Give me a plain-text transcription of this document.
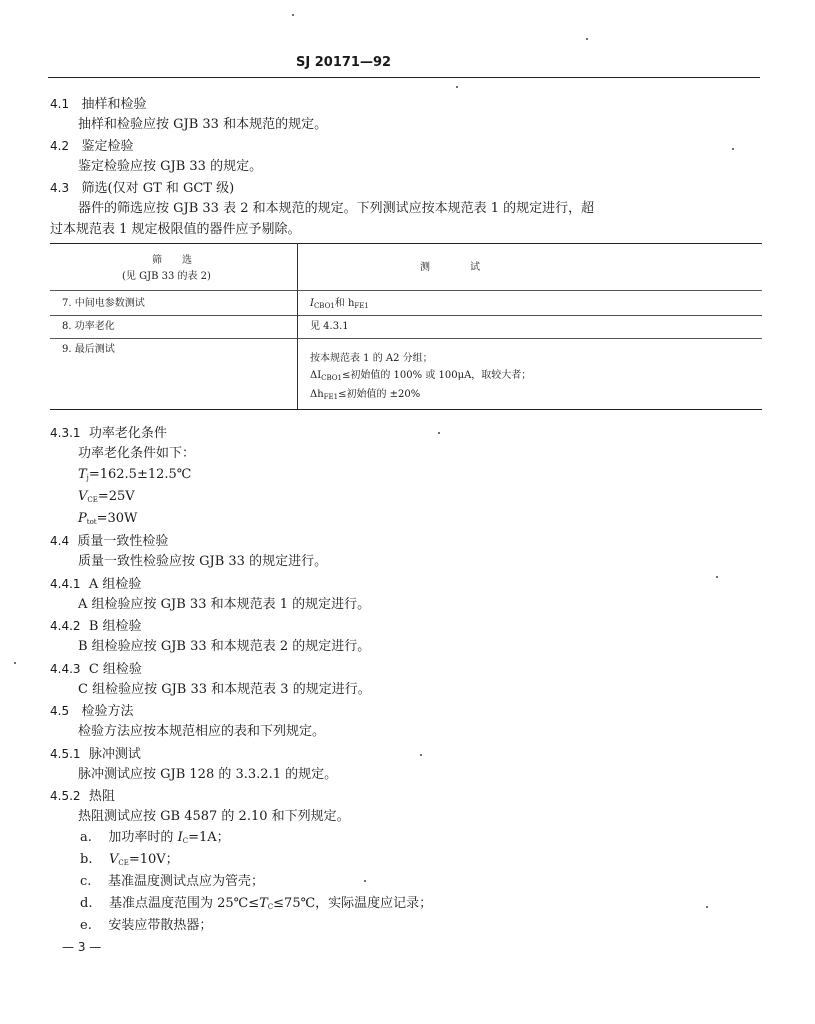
SJ 20171—92
4.1 抽样和检验
抽样和检验应按 GJB 33 和本规范的规定。
4.2 鉴定检验
鉴定检验应按 GJB 33 的规定。
4.3 筛选(仅对 GT 和 GCT 级)
器件的筛选应按 GJB 33 表 2 和本规范的规定。下列测试应按本规范表 1 的规定进行，超
过本规范表 1 规定极限值的器件应予剔除。
筛　　选
(见 GJB 33 的表 2)
测　　　　试
7. 中间电参数测试	$I_{CBO1}$和 $h_{FE1}$
8. 功率老化	见 4.3.1
9. 最后测试
按本规范表 1 的 A2 分组；
$\Delta I_{CBO1}\le$初始值的 100% 或 100μA，取较大者；
$\Delta h_{FE1}\le$初始值的 ±20%
4.3.1 功率老化条件
功率老化条件如下：
$T_j=162.5\pm 12.5℃$
$V_{CE}=25V$
$P_{tot}=30W$
4.4 质量一致性检验
质量一致性检验应按 GJB 33 的规定进行。
4.4.1 A 组检验
A 组检验应按 GJB 33 和本规范表 1 的规定进行。
4.4.2 B 组检验
B 组检验应按 GJB 33 和本规范表 2 的规定进行。
4.4.3 C 组检验
C 组检验应按 GJB 33 和本规范表 3 的规定进行。
4.5 检验方法
检验方法应按本规范相应的表和下列规定。
4.5.1 脉冲测试
脉冲测试应按 GJB 128 的 3.3.2.1 的规定。
4.5.2 热阻
热阻测试应按 GB 4587 的 2.10 和下列规定。
a. 加功率时的 $I_C=1A$；
b. $V_{CE}=10V$；
c. 基准温度测试点应为管壳；
d. 基准点温度范围为 $25℃\le T_C\le 75℃$，实际温度应记录；
e. 安装应带散热器；
— 3 —
